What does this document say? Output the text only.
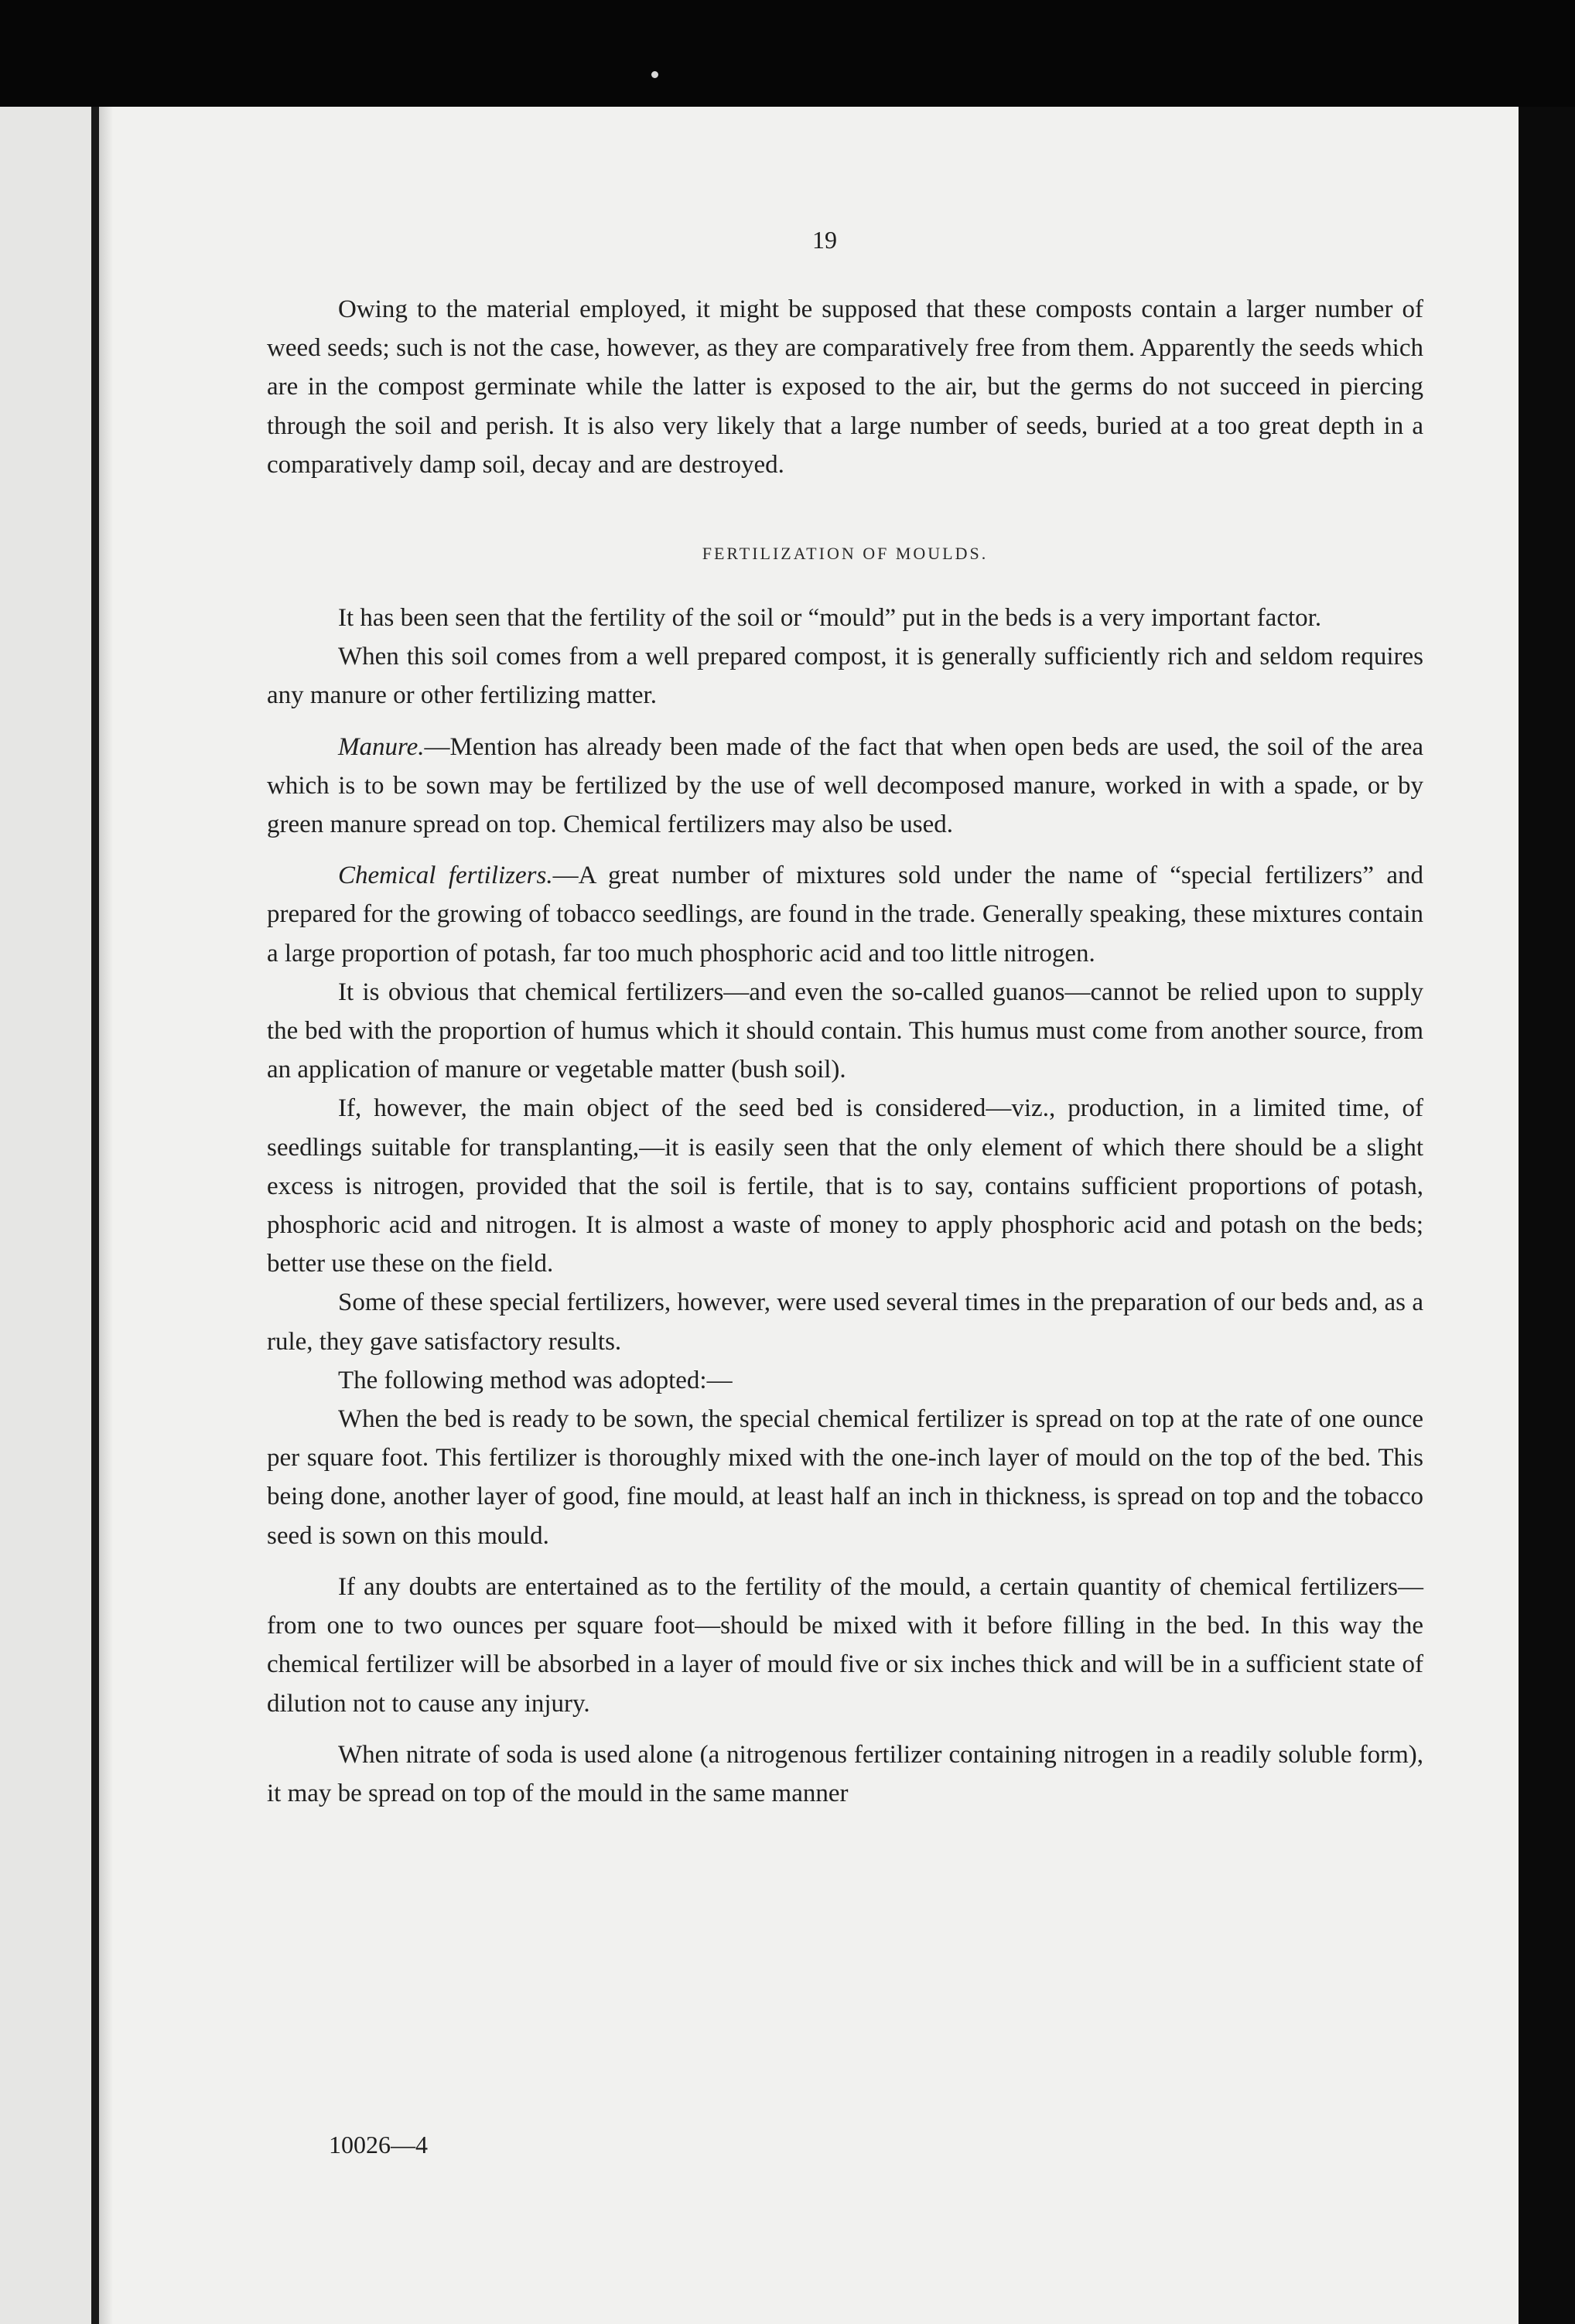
19

Owing to the material employed, it might be supposed that these composts contain a larger number of weed seeds; such is not the case, however, as they are comparatively free from them. Apparently the seeds which are in the compost germinate while the latter is exposed to the air, but the germs do not succeed in piercing through the soil and perish. It is also very likely that a large number of seeds, buried at a too great depth in a comparatively damp soil, decay and are destroyed.

FERTILIZATION OF MOULDS.

It has been seen that the fertility of the soil or “mould” put in the beds is a very important factor.

When this soil comes from a well prepared compost, it is generally sufficiently rich and seldom requires any manure or other fertilizing matter.

Manure.—Mention has already been made of the fact that when open beds are used, the soil of the area which is to be sown may be fertilized by the use of well decomposed manure, worked in with a spade, or by green manure spread on top. Chemical fertilizers may also be used.

Chemical fertilizers.—A great number of mixtures sold under the name of “special fertilizers” and prepared for the growing of tobacco seedlings, are found in the trade. Generally speaking, these mixtures contain a large proportion of potash, far too much phosphoric acid and too little nitrogen.

It is obvious that chemical fertilizers—and even the so-called guanos—cannot be relied upon to supply the bed with the proportion of humus which it should contain. This humus must come from another source, from an application of manure or vegetable matter (bush soil).

If, however, the main object of the seed bed is considered—viz., production, in a limited time, of seedlings suitable for transplanting,—it is easily seen that the only element of which there should be a slight excess is nitrogen, provided that the soil is fertile, that is to say, contains sufficient proportions of potash, phosphoric acid and nitrogen. It is almost a waste of money to apply phosphoric acid and potash on the beds; better use these on the field.

Some of these special fertilizers, however, were used several times in the preparation of our beds and, as a rule, they gave satisfactory results.

The following method was adopted:—

When the bed is ready to be sown, the special chemical fertilizer is spread on top at the rate of one ounce per square foot. This fertilizer is thoroughly mixed with the one-inch layer of mould on the top of the bed. This being done, another layer of good, fine mould, at least half an inch in thickness, is spread on top and the tobacco seed is sown on this mould.

If any doubts are entertained as to the fertility of the mould, a certain quantity of chemical fertilizers—from one to two ounces per square foot—should be mixed with it before filling in the bed. In this way the chemical fertilizer will be absorbed in a layer of mould five or six inches thick and will be in a sufficient state of dilution not to cause any injury.

When nitrate of soda is used alone (a nitrogenous fertilizer containing nitrogen in a readily soluble form), it may be spread on top of the mould in the same manner

10026—4
